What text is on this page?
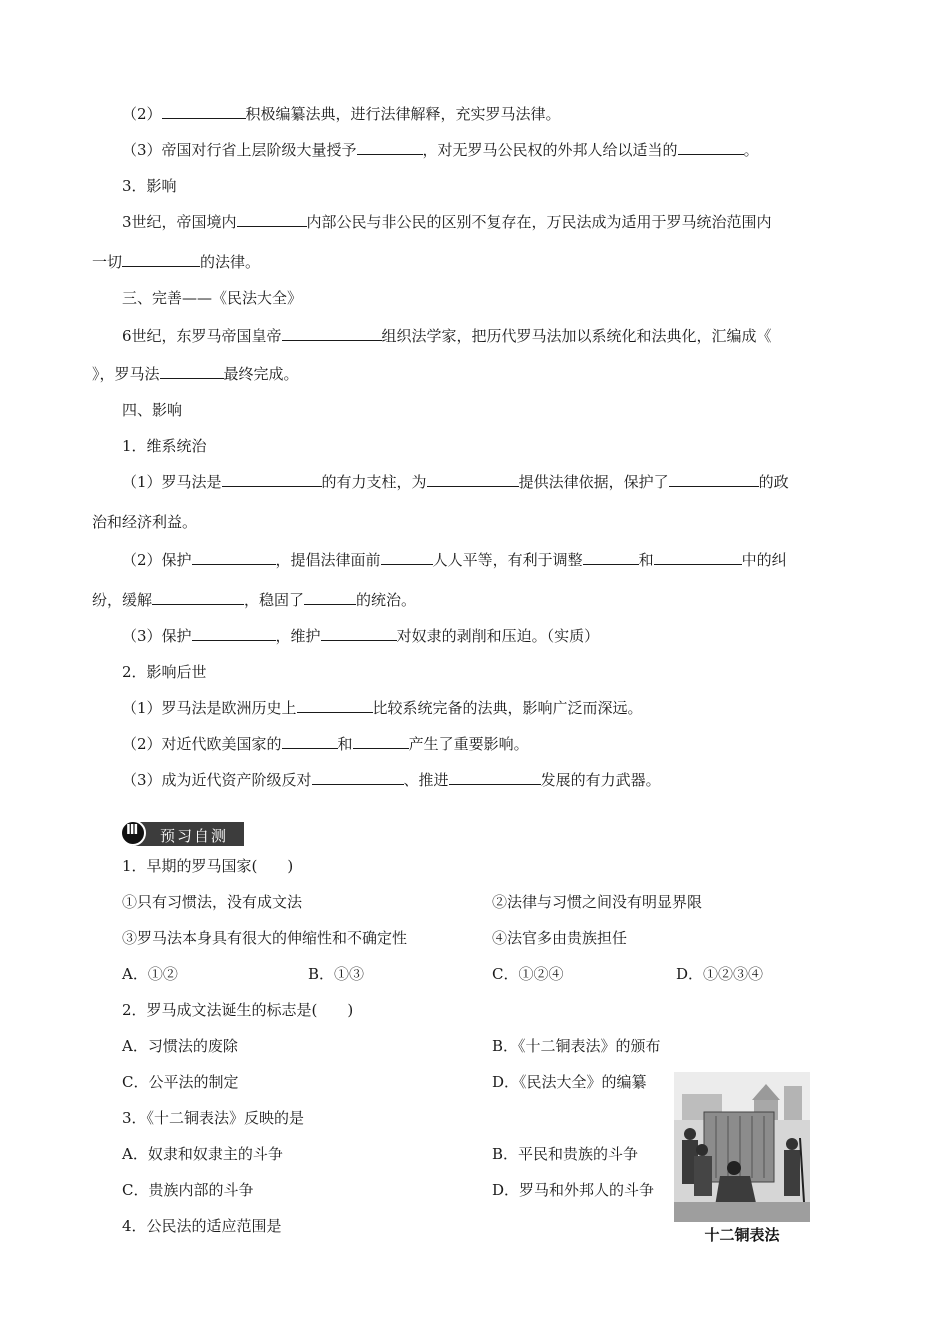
（2）	积极编纂法典，进行法律解释，充实罗马法律。
（3）帝国对行省上层阶级大量授予	，对无罗马公民权的外邦人给以适当的	。
3．影响
3世纪，帝国境内	内部公民与非公民的区别不复存在，万民法成为适用于罗马统治范围内
一切	的法律。
三、完善——《民法大全》
6世纪，东罗马帝国皇帝	组织法学家，把历代罗马法加以系统化和法典化，汇编成《
》，罗马法	最终完成。
四、影响
1．维系统治
（1）罗马法是	的有力支柱，为	提供法律依据，保护了	的政
治和经济利益。
（2）保护	，提倡法律面前	人人平等，有利于调整	和	中的纠
纷，缓解	，稳固了	的统治。
（3）保护	，维护	对奴隶的剥削和压迫。（实质）
2．影响后世
（1）罗马法是欧洲历史上	比较系统完备的法典，影响广泛而深远。
（2）对近代欧美国家的	和	产生了重要影响。
（3）成为近代资产阶级反对	、推进	发展的有力武器。
Ⅲ 预习自测
1．早期的罗马国家(　　)
①只有习惯法，没有成文法	②法律与习惯之间没有明显界限
③罗马法本身具有很大的伸缩性和不确定性	④法官多由贵族担任
A．①②	B．①③	C．①②④	D．①②③④
2．罗马成文法诞生的标志是(　　)
A．习惯法的废除	B．《十二铜表法》的颁布
C．公平法的制定	D．《民法大全》的编纂
3．《十二铜表法》反映的是
A．奴隶和奴隶主的斗争	B．平民和贵族的斗争
C．贵族内部的斗争	D．罗马和外邦人的斗争
4．公民法的适应范围是	十二铜表法
